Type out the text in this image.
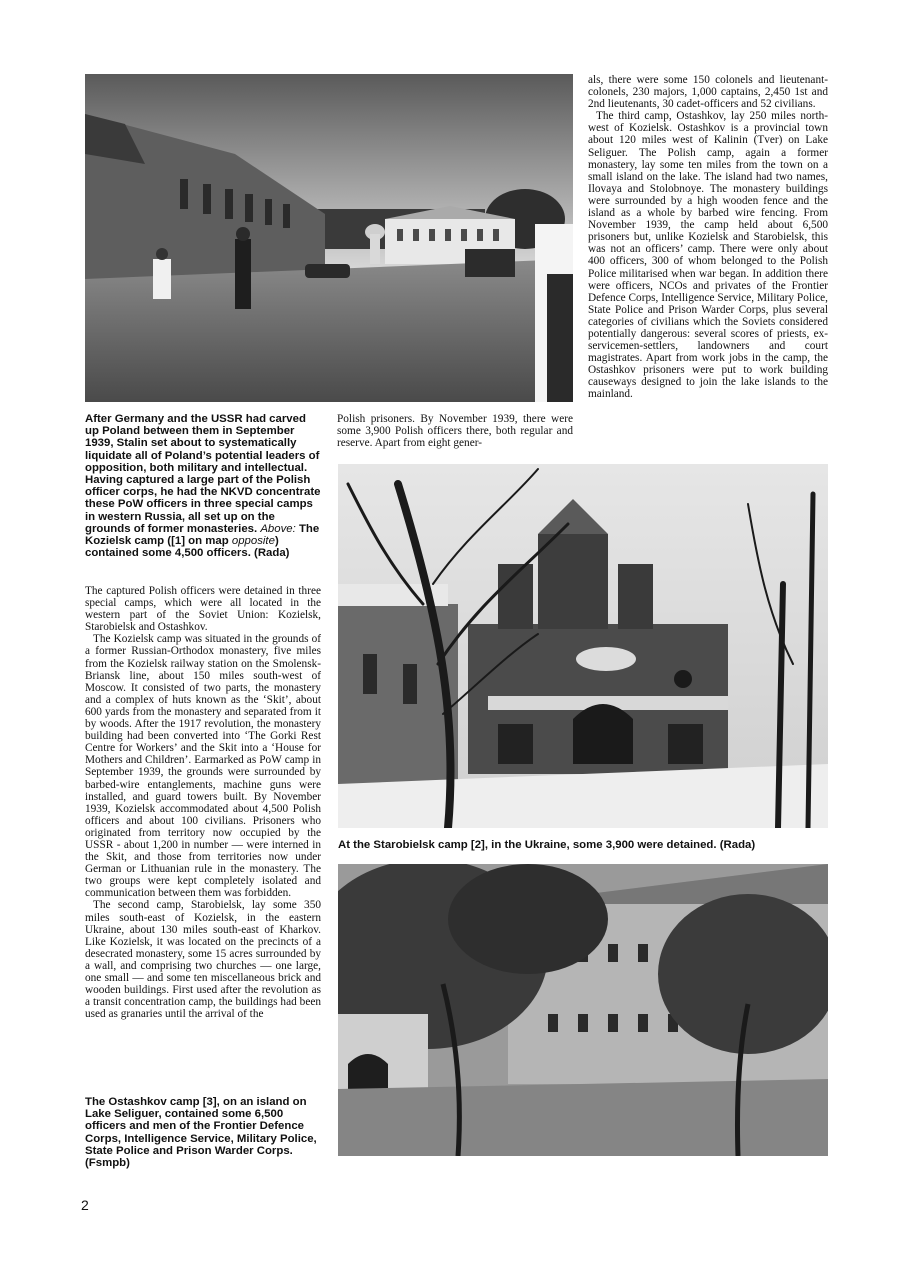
After Germany and the USSR had carved up Poland between them in September 1939, Stalin set about to systematically liquidate all of Poland’s potential leaders of opposition, both military and intellectual. Having captured a large part of the Polish officer corps, he had the NKVD concentrate these PoW officers in three special camps in western Russia, all set up on the grounds of former monasteries. Above: The Kozielsk camp ([1] on map opposite) contained some 4,500 officers. (Rada)

The captured Polish officers were detained in three special camps, which were all located in the western part of the Soviet Union: Kozielsk, Starobielsk and Ostashkov.

The Kozielsk camp was situated in the grounds of a former Russian-Orthodox monastery, five miles from the Kozielsk railway station on the Smolensk-Briansk line, about 150 miles south-west of Moscow. It consisted of two parts, the monastery and a complex of huts known as the ‘Skit’, about 600 yards from the monastery and separated from it by woods. After the 1917 revolution, the monastery building had been converted into ‘The Gorki Rest Centre for Workers’ and the Skit into a ‘House for Mothers and Children’. Earmarked as PoW camp in September 1939, the grounds were surrounded by barbed-wire entanglements, machine guns were installed, and guard towers built. By November 1939, Kozielsk accommodated about 4,500 Polish officers and about 100 civilians. Prisoners who originated from territory now occupied by the USSR - about 1,200 in number — were interned in the Skit, and those from territories now under German or Lithuanian rule in the monastery. The two groups were kept completely isolated and communication between them was forbidden.

The second camp, Starobielsk, lay some 350 miles south-east of Kozielsk, in the eastern Ukraine, about 130 miles south-east of Kharkov. Like Kozielsk, it was located on the precincts of a desecrated monastery, some 15 acres surrounded by a wall, and comprising two churches — one large, one small — and some ten miscellaneous brick and wooden buildings. First used after the revolution as a transit concentration camp, the buildings had been used as granaries until the arrival of the

The Ostashkov camp [3], on an island on Lake Seliguer, contained some 6,500 officers and men of the Frontier Defence Corps, Intelligence Service, Military Police, State Police and Prison Warder Corps. (Fsmpb)

Polish prisoners. By November 1939, there were some 3,900 Polish officers there, both regular and reserve. Apart from eight gener-

als, there were some 150 colonels and lieutenant-colonels, 230 majors, 1,000 captains, 2,450 1st and 2nd lieutenants, 30 cadet-officers and 52 civilians.

The third camp, Ostashkov, lay 250 miles north-west of Kozielsk. Ostashkov is a provincial town about 120 miles west of Kalinin (Tver) on Lake Seliguer. The Polish camp, again a former monastery, lay some ten miles from the town on a small island on the lake. The island had two names, Ilovaya and Stolobnoye. The monastery buildings were surrounded by a high wooden fence and the island as a whole by barbed wire fencing. From November 1939, the camp held about 6,500 prisoners but, unlike Kozielsk and Starobielsk, this was not an officers’ camp. There were only about 400 officers, 300 of whom belonged to the Polish Police militarised when war began. In addition there were officers, NCOs and privates of the Frontier Defence Corps, Intelligence Service, Military Police, State Police and Prison Warder Corps, plus several categories of civilians which the Soviets considered potentially dangerous: several scores of priests, ex-servicemen-settlers, landowners and court magistrates. Apart from work jobs in the camp, the Ostashkov prisoners were put to work building causeways designed to join the lake islands to the mainland.

At the Starobielsk camp [2], in the Ukraine, some 3,900 were detained. (Rada)
2
